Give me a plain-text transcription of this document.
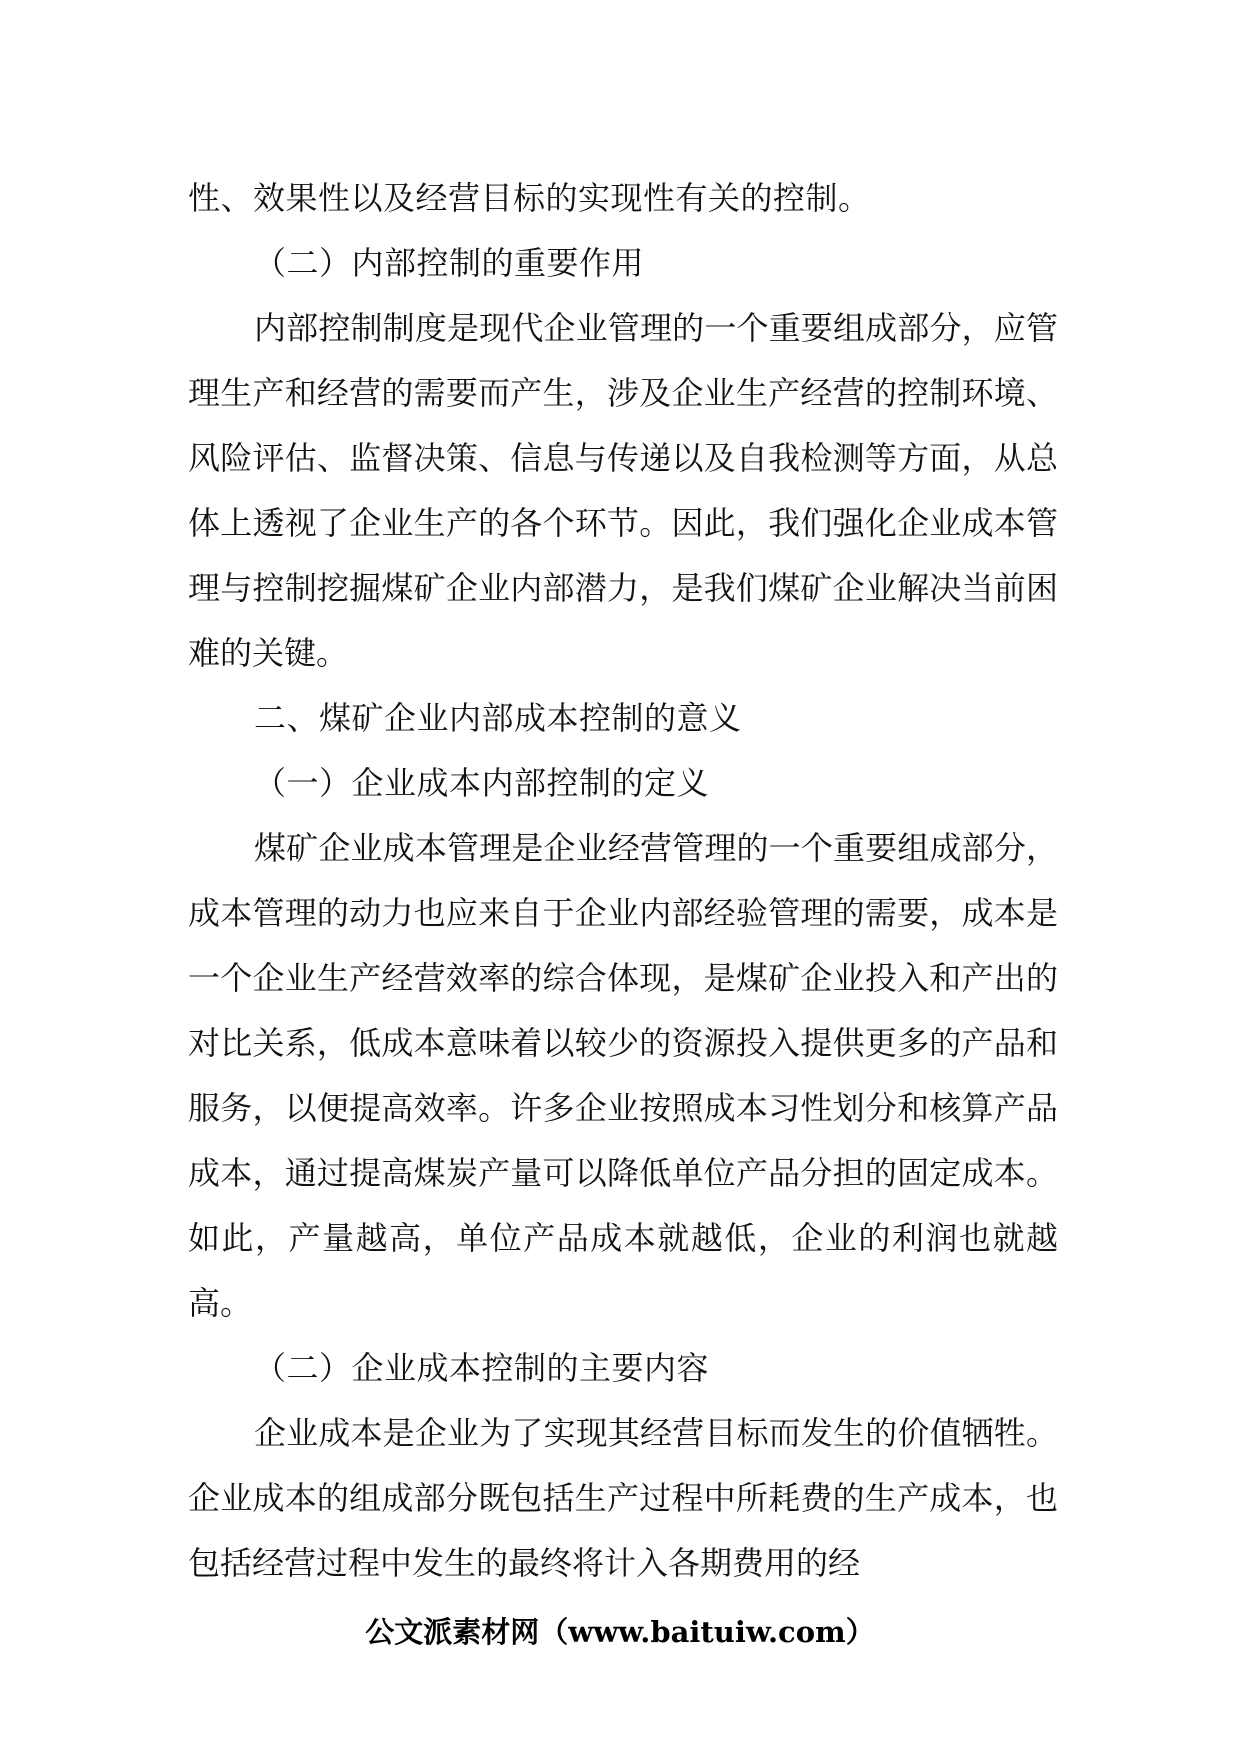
性、效果性以及经营目标的实现性有关的控制。
（二）内部控制的重要作用

内部控制制度是现代企业管理的一个重要组成部分，应管理生产和经营的需要而产生，涉及企业生产经营的控制环境、风险评估、监督决策、信息与传递以及自我检测等方面，从总体上透视了企业生产的各个环节。因此，我们强化企业成本管理与控制挖掘煤矿企业内部潜力，是我们煤矿企业解决当前困难的关键。

二、煤矿企业内部成本控制的意义
（一）企业成本内部控制的定义

煤矿企业成本管理是企业经营管理的一个重要组成部分，成本管理的动力也应来自于企业内部经验管理的需要，成本是一个企业生产经营效率的综合体现，是煤矿企业投入和产出的对比关系，低成本意味着以较少的资源投入提供更多的产品和服务，以便提高效率。许多企业按照成本习性划分和核算产品成本，通过提高煤炭产量可以降低单位产品分担的固定成本。如此，产量越高，单位产品成本就越低，企业的利润也就越高。

（二）企业成本控制的主要内容

企业成本是企业为了实现其经营目标而发生的价值牺牲。企业成本的组成部分既包括生产过程中所耗费的生产成本，也包括经营过程中发生的最终将计入各期费用的经

公文派素材网（www.baituiw.com）
